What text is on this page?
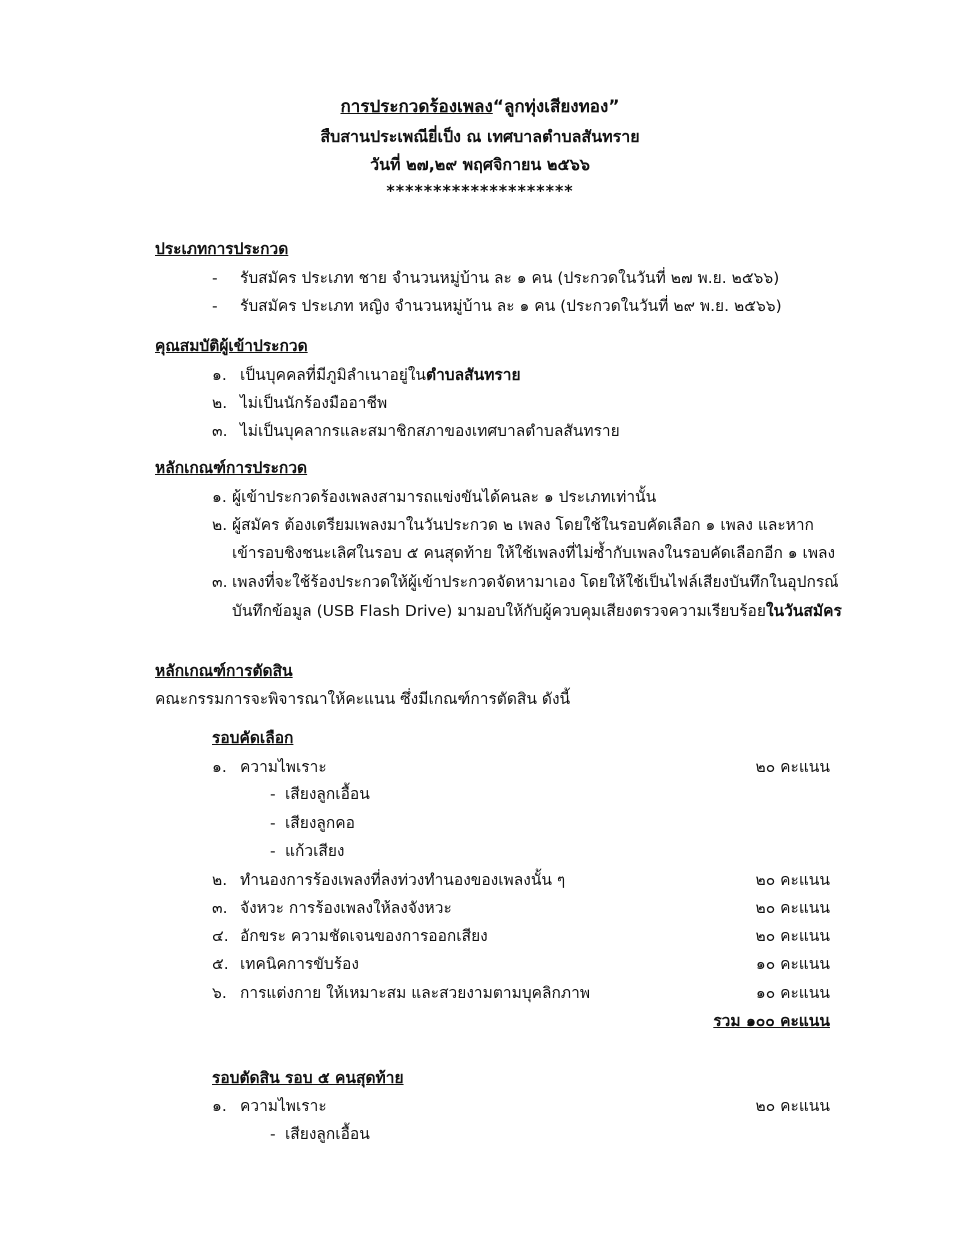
การประกวดร้องเพลง“ลูกทุ่งเสียงทอง”
สืบสานประเพณียี่เป็ง ณ เทศบาลตำบลสันทราย
วันที่ ๒๗,๒๙ พฤศจิกายน ๒๕๖๖
********************
ประเภทการประกวด
- รับสมัคร ประเภท ชาย จำนวนหมู่บ้าน ละ ๑ คน (ประกวดในวันที่ ๒๗ พ.ย. ๒๕๖๖)
- รับสมัคร ประเภท หญิง จำนวนหมู่บ้าน ละ ๑ คน (ประกวดในวันที่ ๒๙ พ.ย. ๒๕๖๖)
คุณสมบัติผู้เข้าประกวด
๑. เป็นบุคคลที่มีภูมิลำเนาอยู่ในตำบลสันทราย
๒. ไม่เป็นนักร้องมืออาชีพ
๓. ไม่เป็นบุคลากรและสมาชิกสภาของเทศบาลตำบลสันทราย
หลักเกณฑ์การประกวด
๑. ผู้เข้าประกวดร้องเพลงสามารถแข่งขันได้คนละ ๑ ประเภทเท่านั้น
๒. ผู้สมัคร ต้องเตรียมเพลงมาในวันประกวด ๒ เพลง โดยใช้ในรอบคัดเลือก ๑ เพลง และหาก
เข้ารอบชิงชนะเลิศในรอบ ๕ คนสุดท้าย ให้ใช้เพลงที่ไม่ซ้ำกับเพลงในรอบคัดเลือกอีก ๑ เพลง
๓. เพลงที่จะใช้ร้องประกวดให้ผู้เข้าประกวดจัดหามาเอง โดยให้ใช้เป็นไฟล์เสียงบันทึกในอุปกรณ์
บันทึกข้อมูล (USB Flash Drive) มามอบให้กับผู้ควบคุมเสียงตรวจความเรียบร้อยในวันสมัคร
หลักเกณฑ์การตัดสิน
คณะกรรมการจะพิจารณาให้คะแนน ซึ่งมีเกณฑ์การตัดสิน ดังนี้
รอบคัดเลือก
๑. ความไพเราะ	๒๐ คะแนน
- เสียงลูกเอื้อน
- เสียงลูกคอ
- แก้วเสียง
๒. ทำนองการร้องเพลงที่ลงท่วงทำนองของเพลงนั้น ๆ	๒๐ คะแนน
๓. จังหวะ การร้องเพลงให้ลงจังหวะ	๒๐ คะแนน
๔. อักขระ ความชัดเจนของการออกเสียง	๒๐ คะแนน
๕. เทคนิคการขับร้อง	๑๐ คะแนน
๖. การแต่งกาย ให้เหมาะสม และสวยงามตามบุคลิกภาพ	๑๐ คะแนน
รวม ๑๐๐ คะแนน
รอบตัดสิน รอบ ๕ คนสุดท้าย
๑. ความไพเราะ	๒๐ คะแนน
- เสียงลูกเอื้อน
